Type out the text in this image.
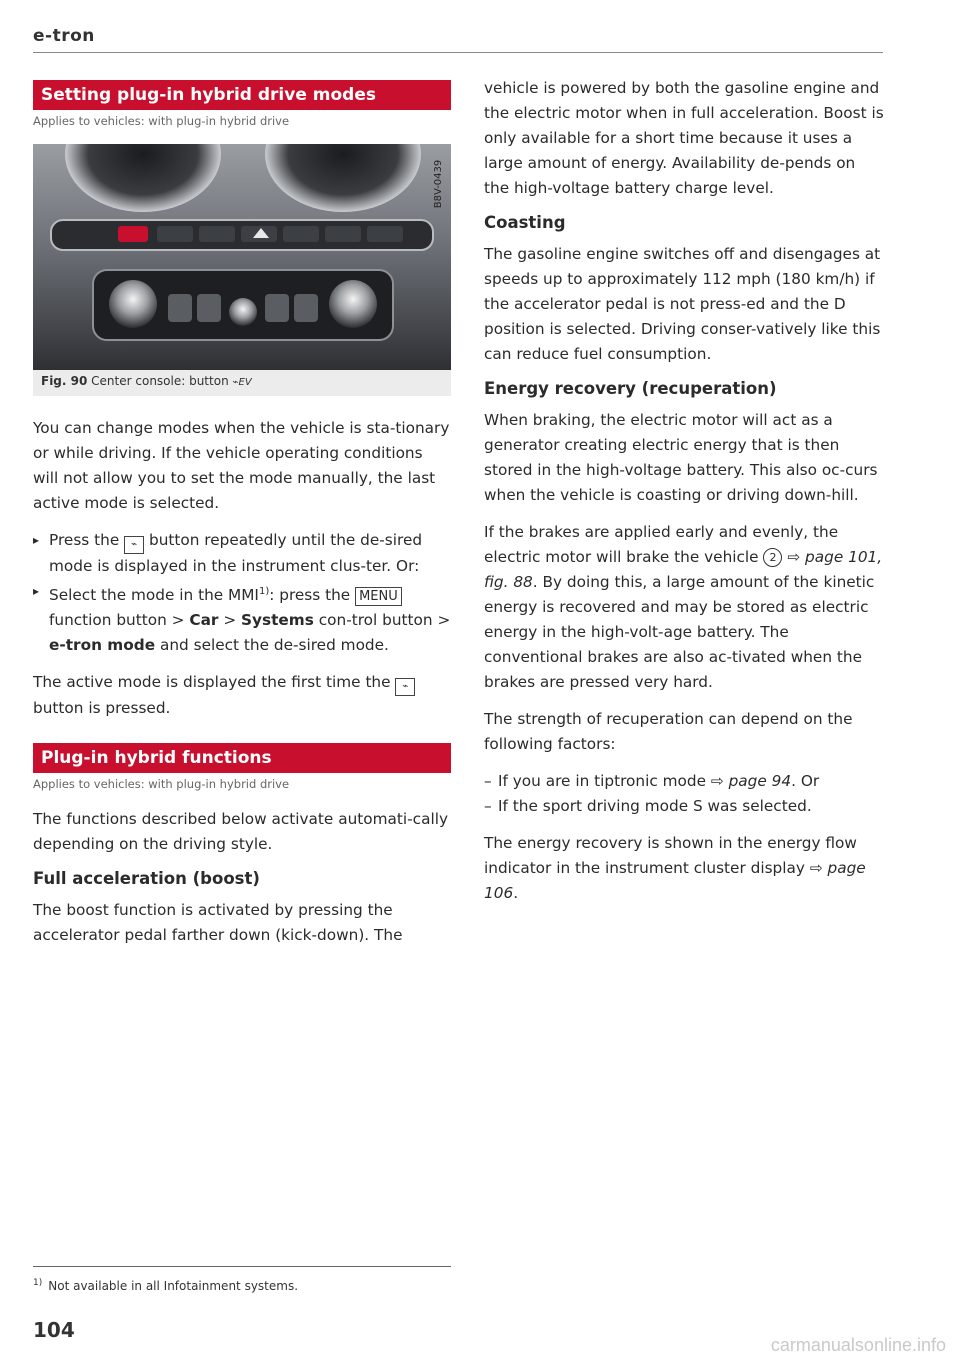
e-tron
Setting plug-in hybrid drive modes
Applies to vehicles: with plug-in hybrid drive
B8V-0439
Fig. 90 Center console: button ⌁EV

You can change modes when the vehicle is sta-tionary or while driving. If the vehicle operating conditions will not allow you to set the mode manually, the last active mode is selected.

▸ Press the ⌁ button repeatedly until the de-sired mode is displayed in the instrument clus-ter. Or:
▸ Select the mode in the MMI$^{1)}$: press the MENU function button > Car > Systems con-trol button > e-tron mode and select the de-sired mode.

The active mode is displayed the first time the ⌁ button is pressed.

Plug-in hybrid functions
Applies to vehicles: with plug-in hybrid drive

The functions described below activate automati-cally depending on the driving style.

Full acceleration (boost)

The boost function is activated by pressing the accelerator pedal farther down (kick-down). The

vehicle is powered by both the gasoline engine and the electric motor when in full acceleration. Boost is only available for a short time because it uses a large amount of energy. Availability de-pends on the high-voltage battery charge level.

Coasting

The gasoline engine switches off and disengages at speeds up to approximately 112 mph (180 km/h) if the accelerator pedal is not press-ed and the D position is selected. Driving conser-vatively like this can reduce fuel consumption.

Energy recovery (recuperation)

When braking, the electric motor will act as a generator creating electric energy that is then stored in the high-voltage battery. This also oc-curs when the vehicle is coasting or driving down-hill.

If the brakes are applied early and evenly, the electric motor will brake the vehicle 2 ⇨ page 101, fig. 88. By doing this, a large amount of the kinetic energy is recovered and may be stored as electric energy in the high-volt-age battery. The conventional brakes are also ac-tivated when the brakes are pressed very hard.

The strength of recuperation can depend on the following factors:

– If you are in tiptronic mode ⇨ page 94. Or
– If the sport driving mode S was selected.

The energy recovery is shown in the energy flow indicator in the instrument cluster display ⇨ page 106.

$^{1)}$ Not available in all Infotainment systems.
104
carmanualsonline.info
